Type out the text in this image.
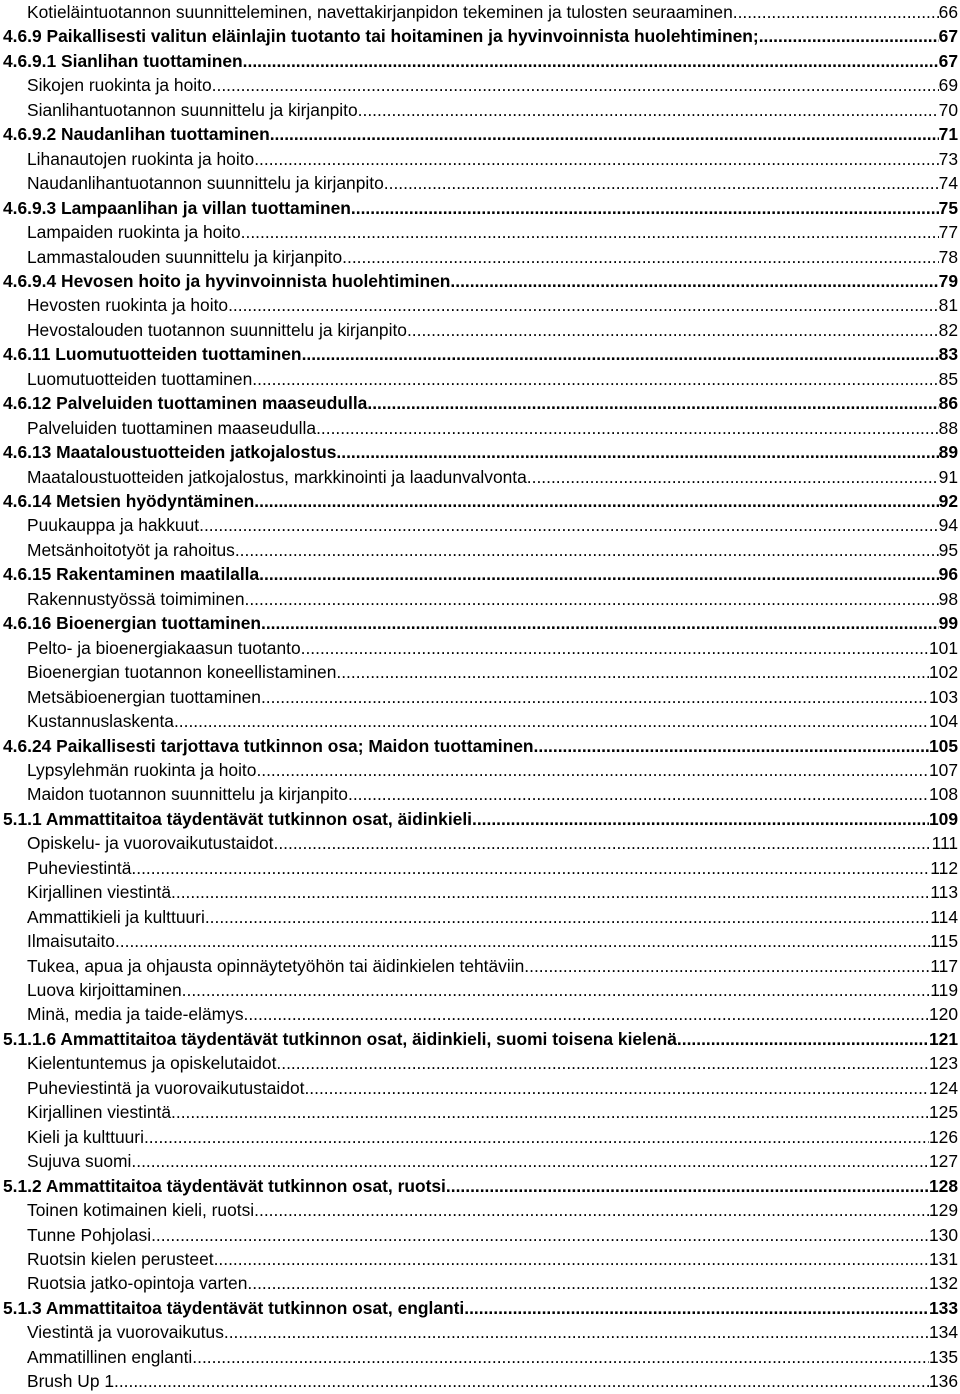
Kotieläintuotannon suunnitteleminen, navettakirjanpidon tekeminen ja tulosten seuraaminen .....	66
4.6.9 Paikallisesti valitun eläinlajin tuotanto tai hoitaminen ja hyvinvoinnista huolehtiminen; .....	67
4.6.9.1 Sianlihan tuottaminen .....	67
Sikojen ruokinta ja hoito .....	69
Sianlihantuotannon suunnittelu ja kirjanpito .....	70
4.6.9.2 Naudanlihan tuottaminen .....	71
Lihanautojen ruokinta ja hoito .....	73
Naudanlihantuotannon suunnittelu ja kirjanpito .....	74
4.6.9.3 Lampaanlihan ja villan tuottaminen .....	75
Lampaiden ruokinta ja hoito .....	77
Lammastalouden suunnittelu ja kirjanpito .....	78
4.6.9.4 Hevosen hoito ja hyvinvoinnista huolehtiminen .....	79
Hevosten ruokinta ja hoito .....	81
Hevostalouden tuotannon suunnittelu ja kirjanpito .....	82
4.6.11 Luomutuotteiden tuottaminen .....	83
Luomutuotteiden tuottaminen .....	85
4.6.12 Palveluiden tuottaminen maaseudulla .....	86
Palveluiden tuottaminen maaseudulla .....	88
4.6.13 Maataloustuotteiden jatkojalostus .....	89
Maataloustuotteiden jatkojalostus, markkinointi ja laadunvalvonta .....	91
4.6.14 Metsien hyödyntäminen .....	92
Puukauppa ja hakkuut .....	94
Metsänhoitotyöt ja rahoitus .....	95
4.6.15 Rakentaminen maatilalla .....	96
Rakennustyössä toimiminen .....	98
4.6.16 Bioenergian tuottaminen .....	99
Pelto- ja bioenergiakaasun tuotanto .....	101
Bioenergian tuotannon koneellistaminen .....	102
Metsäbioenergian tuottaminen .....	103
Kustannuslaskenta .....	104
4.6.24 Paikallisesti tarjottava tutkinnon osa; Maidon tuottaminen .....	105
Lypsylehmän ruokinta ja hoito .....	107
Maidon tuotannon suunnittelu ja kirjanpito .....	108
5.1.1 Ammattitaitoa täydentävät tutkinnon osat, äidinkieli .....	109
Opiskelu- ja vuorovaikutustaidot .....	111
Puheviestintä .....	112
Kirjallinen viestintä .....	113
Ammattikieli ja kulttuuri .....	114
Ilmaisutaito .....	115
Tukea, apua ja ohjausta opinnäytetyöhön tai äidinkielen tehtäviin .....	117
Luova kirjoittaminen .....	119
Minä, media ja taide-elämys .....	120
5.1.1.6 Ammattitaitoa täydentävät tutkinnon osat, äidinkieli, suomi toisena kielenä .....	121
Kielentuntemus ja opiskelutaidot .....	123
Puheviestintä ja vuorovaikutustaidot .....	124
Kirjallinen viestintä .....	125
Kieli ja kulttuuri .....	126
Sujuva suomi .....	127
5.1.2 Ammattitaitoa täydentävät tutkinnon osat, ruotsi .....	128
Toinen kotimainen kieli, ruotsi .....	129
Tunne Pohjolasi .....	130
Ruotsin kielen perusteet .....	131
Ruotsia jatko-opintoja varten .....	132
5.1.3 Ammattitaitoa täydentävät tutkinnon osat, englanti .....	133
Viestintä ja vuorovaikutus .....	134
Ammatillinen englanti .....	135
Brush Up 1 .....	136
